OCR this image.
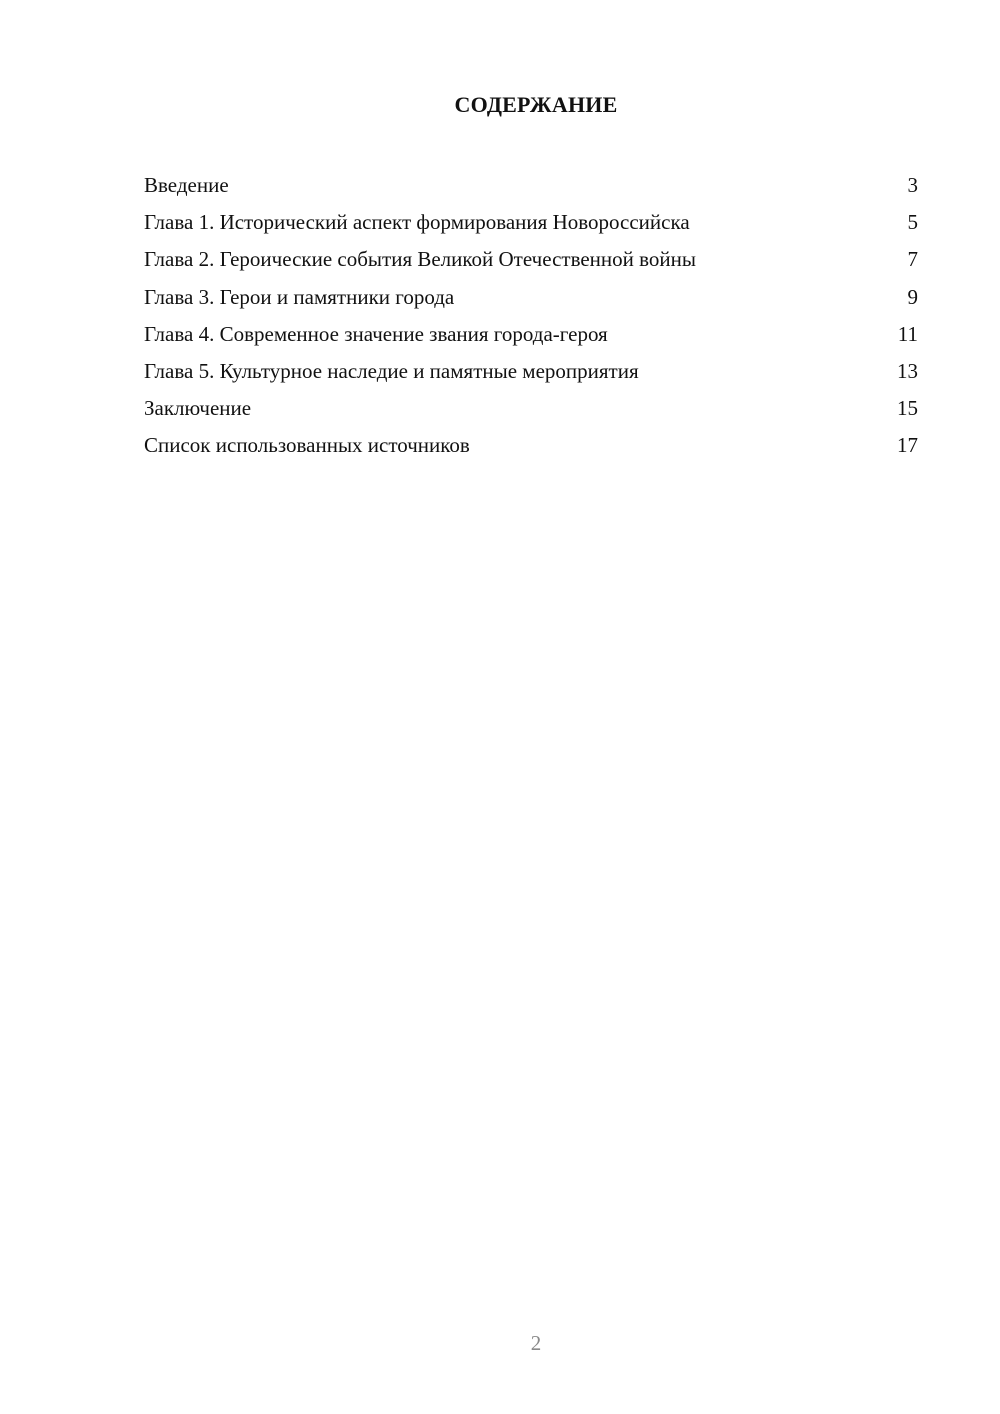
СОДЕРЖАНИЕ
Введение	3
Глава 1. Исторический аспект формирования Новороссийска	5
Глава 2. Героические события Великой Отечественной войны	7
Глава 3. Герои и памятники города	9
Глава 4. Современное значение звания города-героя	11
Глава 5. Культурное наследие и памятные мероприятия	13
Заключение	15
Список использованных источников	17
2
